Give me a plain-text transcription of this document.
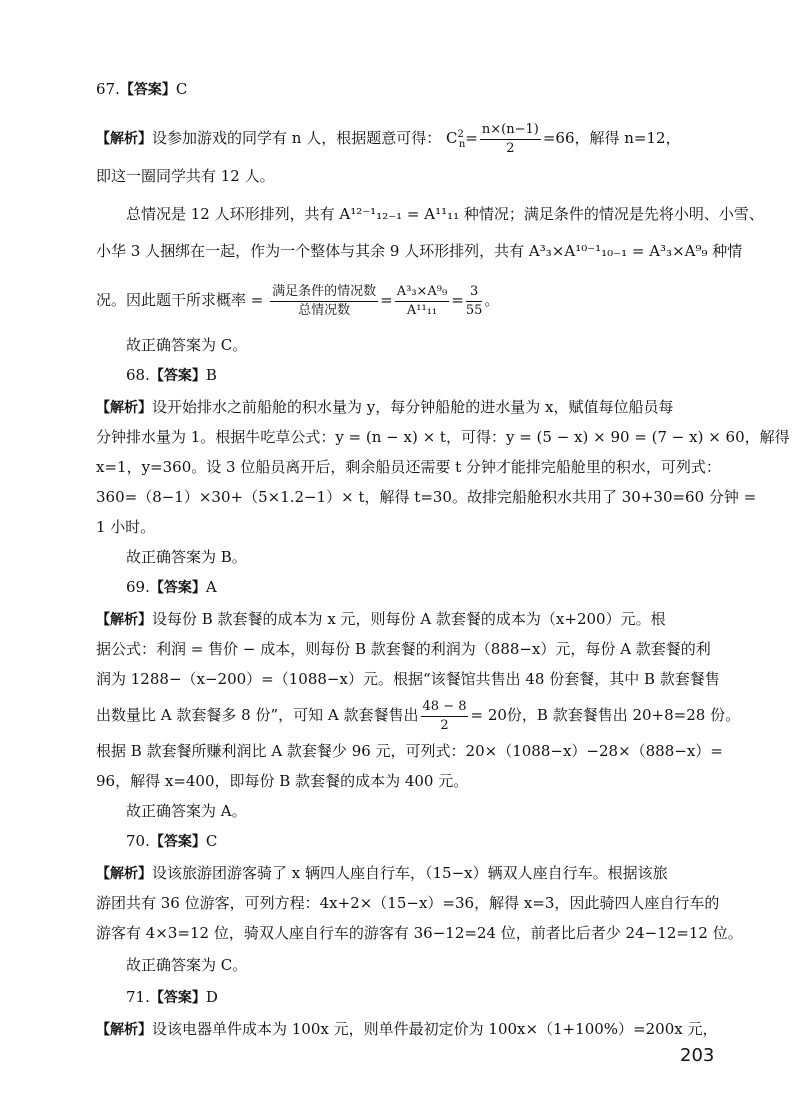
67.【答案】C
【解析】设参加游戏的同学有 n 人，根据题意可得： $C^2_n= \frac{n\times(n-1)}{2} =66$，解得 n=12，
即这一圈同学共有 12 人。
总情况是 12 人环形排列，共有 A¹²⁻¹₁₂₋₁ = A¹¹₁₁ 种情况；满足条件的情况是先将小明、小雪、
小华 3 人捆绑在一起，作为一个整体与其余 9 人环形排列，共有 A³₃×A¹⁰⁻¹₁₀₋₁ = A³₃×A⁹₉ 种情
况。因此题干所求概率 = $\frac{\text{满足条件的情况数}}{\text{总情况数}} = \frac{\text{A³₃×A⁹₉}}{\text{A¹¹₁₁}} = \frac{3}{55}$ 。
故正确答案为 C。
68.【答案】B
【解析】设开始排水之前船舱的积水量为 y，每分钟船舱的进水量为 x，赋值每位船员每
分钟排水量为 1。根据牛吃草公式：y = (n − x) × t，可得：y = (5 − x) × 90 = (7 − x) × 60，解得
x=1，y=360。设 3 位船员离开后，剩余船员还需要 t 分钟才能排完船舱里的积水，可列式：
360=（8−1）×30+（5×1.2−1）× t，解得 t=30。故排完船舱积水共用了 30+30=60 分钟 =
1 小时。
故正确答案为 B。
69.【答案】A
【解析】设每份 B 款套餐的成本为 x 元，则每份 A 款套餐的成本为（x+200）元。根
据公式：利润 = 售价 − 成本，则每份 B 款套餐的利润为（888−x）元，每份 A 款套餐的利
润为 1288−（x−200）=（1088−x）元。根据“该餐馆共售出 48 份套餐，其中 B 款套餐售
出数量比 A 款套餐多 8 份”，可知 A 款套餐售出 $\frac{48 - 8}{2} = 20$份，B 款套餐售出 20+8=28 份。
根据 B 款套餐所赚利润比 A 款套餐少 96 元，可列式：20×（1088−x）−28×（888−x）=
96，解得 x=400，即每份 B 款套餐的成本为 400 元。
故正确答案为 A。
70.【答案】C
【解析】设该旅游团游客骑了 x 辆四人座自行车，（15−x）辆双人座自行车。根据该旅
游团共有 36 位游客，可列方程：4x+2×（15−x）=36，解得 x=3，因此骑四人座自行车的
游客有 4×3=12 位，骑双人座自行车的游客有 36−12=24 位，前者比后者少 24−12=12 位。
故正确答案为 C。
71.【答案】D
【解析】设该电器单件成本为 100x 元，则单件最初定价为 100x×（1+100%）=200x 元，
203
